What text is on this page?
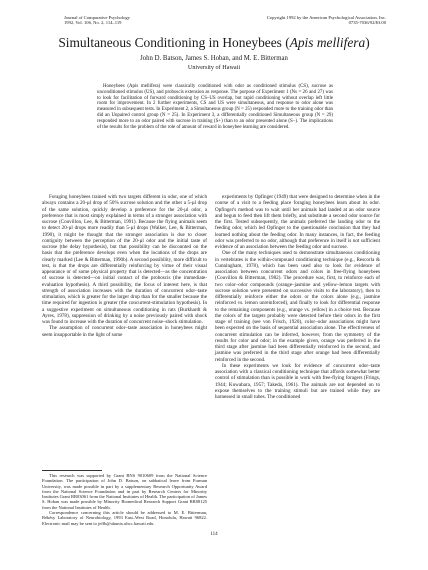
Journal of Comparative Psychology
1992, Vol. 106, No. 2, 114–119
Copyright 1992 by the American Psychological Association, Inc.
0735-7036/92/$3.00
Simultaneous Conditioning in Honeybees (Apis mellifera)
John D. Batson, James S. Hoban, and M. E. Bitterman
University of Hawaii
Honeybees (Apis mellifera) were classically conditioned with odor as conditioned stimulus (CS), sucrose as unconditioned stimulus (US), and proboscis extension as response. The purpose of Experiment 1 (Ns = 26 and 27) was to look for facilitation of forward conditioning by CS–US overlap, but rapid conditioning without overlap left little room for improvement. In 2 further experiments, CS and US were simultaneous, and response to odor alone was measured in subsequent tests. In Experiment 2, a Simultaneous group (N = 25) responded more to the training odor than did an Unpaired control group (N = 25). In Experiment 3, a differentially conditioned Simultaneous group (N = 29) responded more to an odor paired with sucrose in training (S+) than to an odor presented alone (S−). The implications of the results for the problem of the role of amount of reward in honeybee learning are considered.

Foraging honeybees trained with two targets different in odor, one of which always contains a 20-µl drop of 50% sucrose solution and the other a 5-µl drop of the same solution, quickly develop a preference for the 20-µl odor, a preference that is most simply explained in terms of a stronger association with sucrose (Couvillon, Lee, & Bitterman, 1991). Because the flying animals seem to detect 20-µl drops more readily than 5-µl drops (Walker, Lee, & Bitterman, 1990), it might be thought that the stronger association is due to closer contiguity between the perception of the 20-µl odor and the initial taste of sucrose (the delay hypothesis), but that possibility can be discounted on the basis that the preference develops even when the locations of the drops are clearly marked (Lee & Bitterman, 1990b). A second possibility, more difficult to test, is that the drops are differentially reinforcing by virtue of their visual appearance or of some physical property that is detected—as the concentration of sucrose is detected—on initial contact of the proboscis (the immediate-evaluation hypothesis). A third possibility, the focus of interest here, is that strength of association increases with the duration of concurrent odor–taste stimulation, which is greater for the larger drop than for the smaller because the time required for ingestion is greater (the concurrent-stimulation hypothesis). In a suggestive experiment on simultaneous conditioning in rats (Burkhardt & Ayres, 1978), suppression of drinking by a noise previously paired with shock was found to increase with the duration of concurrent noise–shock stimulation.

The assumption of concurrent odor–taste association in honeybees might seem insupportable in the light of some

This research was supported by Grant BNS 9010609 from the National Science Foundation. The participation of John D. Batson, on sabbatical leave from Furman University, was made possible in part by a supplementary Research Opportunity Award from the National Science Foundation and in part by Research Centers for Minority Institutes Grant RR03061 from the National Institutes of Health. The participation of James S. Hoban was made possible by Minority Biomedical Research Support Grant RR08125 from the National Institutes of Health.

Correspondence concerning this article should be addressed to M. E. Bitterman, Békésy Laboratory of Neurobiology, 1993 East–West Road, Honolulu, Hawaii 96822. Electronic mail may be sent to jeffb@uhunix.uhcc.hawaii.edu.

experiments by Opfinger (1949) that were designed to determine when in the course of a visit to a feeding place foraging honeybees learn about its odor. Opfinger's method was to wait until her animals had landed at an odor source and begun to feed then lift them briefly, and substitute a second odor source for the first. Tested subsequently, the animals preferred the landing odor to the feeding odor, which led Opfinger to the questionable conclusion that they had learned nothing about the feeding odor. In many instances, in fact, the feeding odor was preferred to no odor, although that preference in itself is not sufficient evidence of an association between the feeding odor and sucrose.

One of the many techniques used to demonstrate simultaneous conditioning in vertebrates is the within-compound conditioning technique (e.g., Rescorla & Cunningham, 1978), which has been used also to look for evidence of association between concurrent odors and colors in free-flying honeybees (Couvillon & Bitterman, 1982). The procedure was, first, to reinforce each of two color–odor compounds (orange–jasmine and yellow–lemon targets with sucrose solution were presented on successive visits to the laboratory), then to differentially reinforce either the odors or the colors alone (e.g., jasmine reinforced vs. lemon unreinforced), and finally to look for differential response to the remaining components (e.g., orange vs. yellow) in a choice test. Because the colors of the targets probably were detected before their odors in the first stage of training (see von Frisch, 1920), color–odor associations might have been expected on the basis of sequential association alone. The effectiveness of concurrent stimulation can be inferred, however, from the symmetry of the results for color and odor; in the example given, orange was preferred in the third stage after jasmine had been differentially reinforced in the second, and jasmine was preferred in the third stage after orange had been differentially reinforced in the second.

In these experiments we look for evidence of concurrent odor–taste association with a classical conditioning technique that affords somewhat better control of stimulation than is possible in work with free-flying foragers (Frings, 1944; Kuwabara, 1957; Takeda, 1961). The animals are not depended on to expose themselves to the training stimuli but are trained while they are harnessed in small tubes. The conditioned

114
